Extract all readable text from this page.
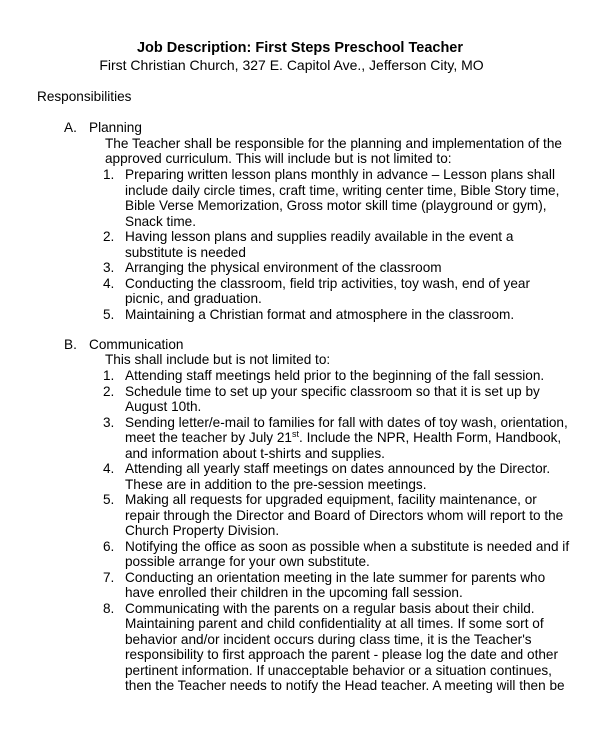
Job Description: First Steps Preschool Teacher
First Christian Church, 327 E. Capitol Ave., Jefferson City, MO
Responsibilities
A. Planning
The Teacher shall be responsible for the planning and implementation of the
approved curriculum. This will include but is not limited to:
1. Preparing written lesson plans monthly in advance – Lesson plans shall include daily circle times, craft time, writing center time, Bible Story time, Bible Verse Memorization, Gross motor skill time (playground or gym), Snack time.
2. Having lesson plans and supplies readily available in the event a substitute is needed
3. Arranging the physical environment of the classroom
4. Conducting the classroom, field trip activities, toy wash, end of year picnic, and graduation.
5. Maintaining a Christian format and atmosphere in the classroom.
B. Communication
This shall include but is not limited to:
1. Attending staff meetings held prior to the beginning of the fall session.
2. Schedule time to set up your specific classroom so that it is set up by August 10th.
3. Sending letter/e-mail to families for fall with dates of toy wash, orientation, meet the teacher by July 21st. Include the NPR, Health Form, Handbook, and information about t-shirts and supplies.
4. Attending all yearly staff meetings on dates announced by the Director. These are in addition to the pre-session meetings.
5. Making all requests for upgraded equipment, facility maintenance, or repair through the Director and Board of Directors whom will report to the Church Property Division.
6. Notifying the office as soon as possible when a substitute is needed and if possible arrange for your own substitute.
7. Conducting an orientation meeting in the late summer for parents who have enrolled their children in the upcoming fall session.
8. Communicating with the parents on a regular basis about their child. Maintaining parent and child confidentiality at all times. If some sort of behavior and/or incident occurs during class time, it is the Teacher's responsibility to first approach the parent - please log the date and other pertinent information. If unacceptable behavior or a situation continues, then the Teacher needs to notify the Head teacher. A meeting will then be
